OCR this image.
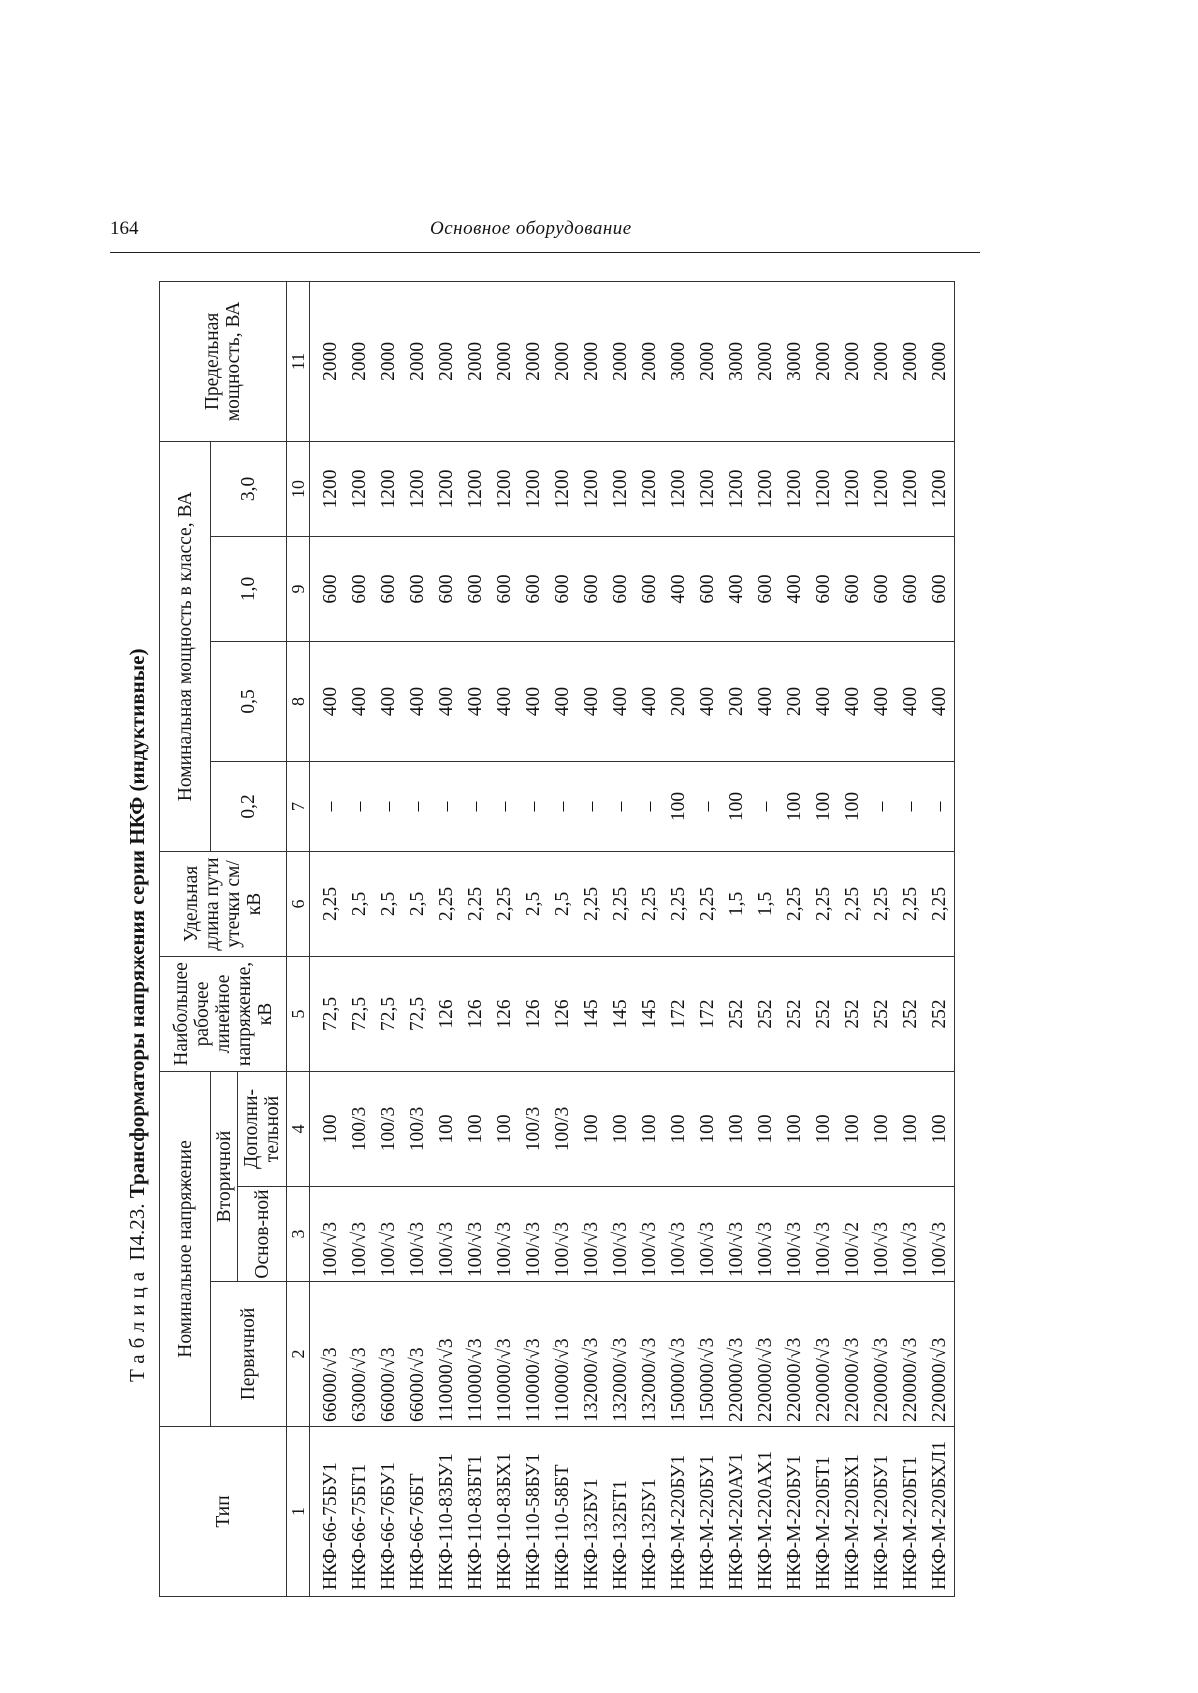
164	Основное оборудование
Таблица П4.23. Трансформаторы напряжения серии НКФ (индуктивные)
Тип	Номинальное напряжение			Наибольшее рабочее линейное напряжение, кВ	Удельная длина пути утечки см/кВ	Номинальная мощность в классе, ВА				Предельная мощность, ВА
	Первичной	Вторичной				0,2	0,5	1,0	3,0	
		Основ-ной	Дополни-тельной							
1	2	3	4	5	6	7	8	9	10	11
НКФ-66-75БУ1	66000/√3	100/√3	100	72,5	2,25	–	400	600	1200	2000
НКФ-66-75БТ1	63000/√3	100/√3	100/3	72,5	2,5	–	400	600	1200	2000
НКФ-66-76БУ1	66000/√3	100/√3	100/3	72,5	2,5	–	400	600	1200	2000
НКФ-66-76БТ	66000/√3	100/√3	100/3	72,5	2,5	–	400	600	1200	2000
НКФ-110-83БУ1	110000/√3	100/√3	100	126	2,25	–	400	600	1200	2000
НКФ-110-83БТ1	110000/√3	100/√3	100	126	2,25	–	400	600	1200	2000
НКФ-110-83БХ1	110000/√3	100/√3	100	126	2,25	–	400	600	1200	2000
НКФ-110-58БУ1	110000/√3	100/√3	100/3	126	2,5	–	400	600	1200	2000
НКФ-110-58БТ	110000/√3	100/√3	100/3	126	2,5	–	400	600	1200	2000
НКФ-132БУ1	132000/√3	100/√3	100	145	2,25	–	400	600	1200	2000
НКФ-132БТ1	132000/√3	100/√3	100	145	2,25	–	400	600	1200	2000
НКФ-132БУ1	132000/√3	100/√3	100	145	2,25	–	400	600	1200	2000
НКФ-М-220БУ1	150000/√3	100/√3	100	172	2,25	100	200	400	1200	3000
НКФ-М-220БУ1	150000/√3	100/√3	100	172	2,25	–	400	600	1200	2000
НКФ-М-220АУ1	220000/√3	100/√3	100	252	1,5	100	200	400	1200	3000
НКФ-М-220АХ1	220000/√3	100/√3	100	252	1,5	–	400	600	1200	2000
НКФ-М-220БУ1	220000/√3	100/√3	100	252	2,25	100	200	400	1200	3000
НКФ-М-220БТ1	220000/√3	100/√3	100	252	2,25	100	400	600	1200	2000
НКФ-М-220БХ1	220000/√3	100/√2	100	252	2,25	100	400	600	1200	2000
НКФ-М-220БУ1	220000/√3	100/√3	100	252	2,25	–	400	600	1200	2000
НКФ-М-220БТ1	220000/√3	100/√3	100	252	2,25	–	400	600	1200	2000
НКФ-М-220БХЛ1	220000/√3	100/√3	100	252	2,25	–	400	600	1200	2000
